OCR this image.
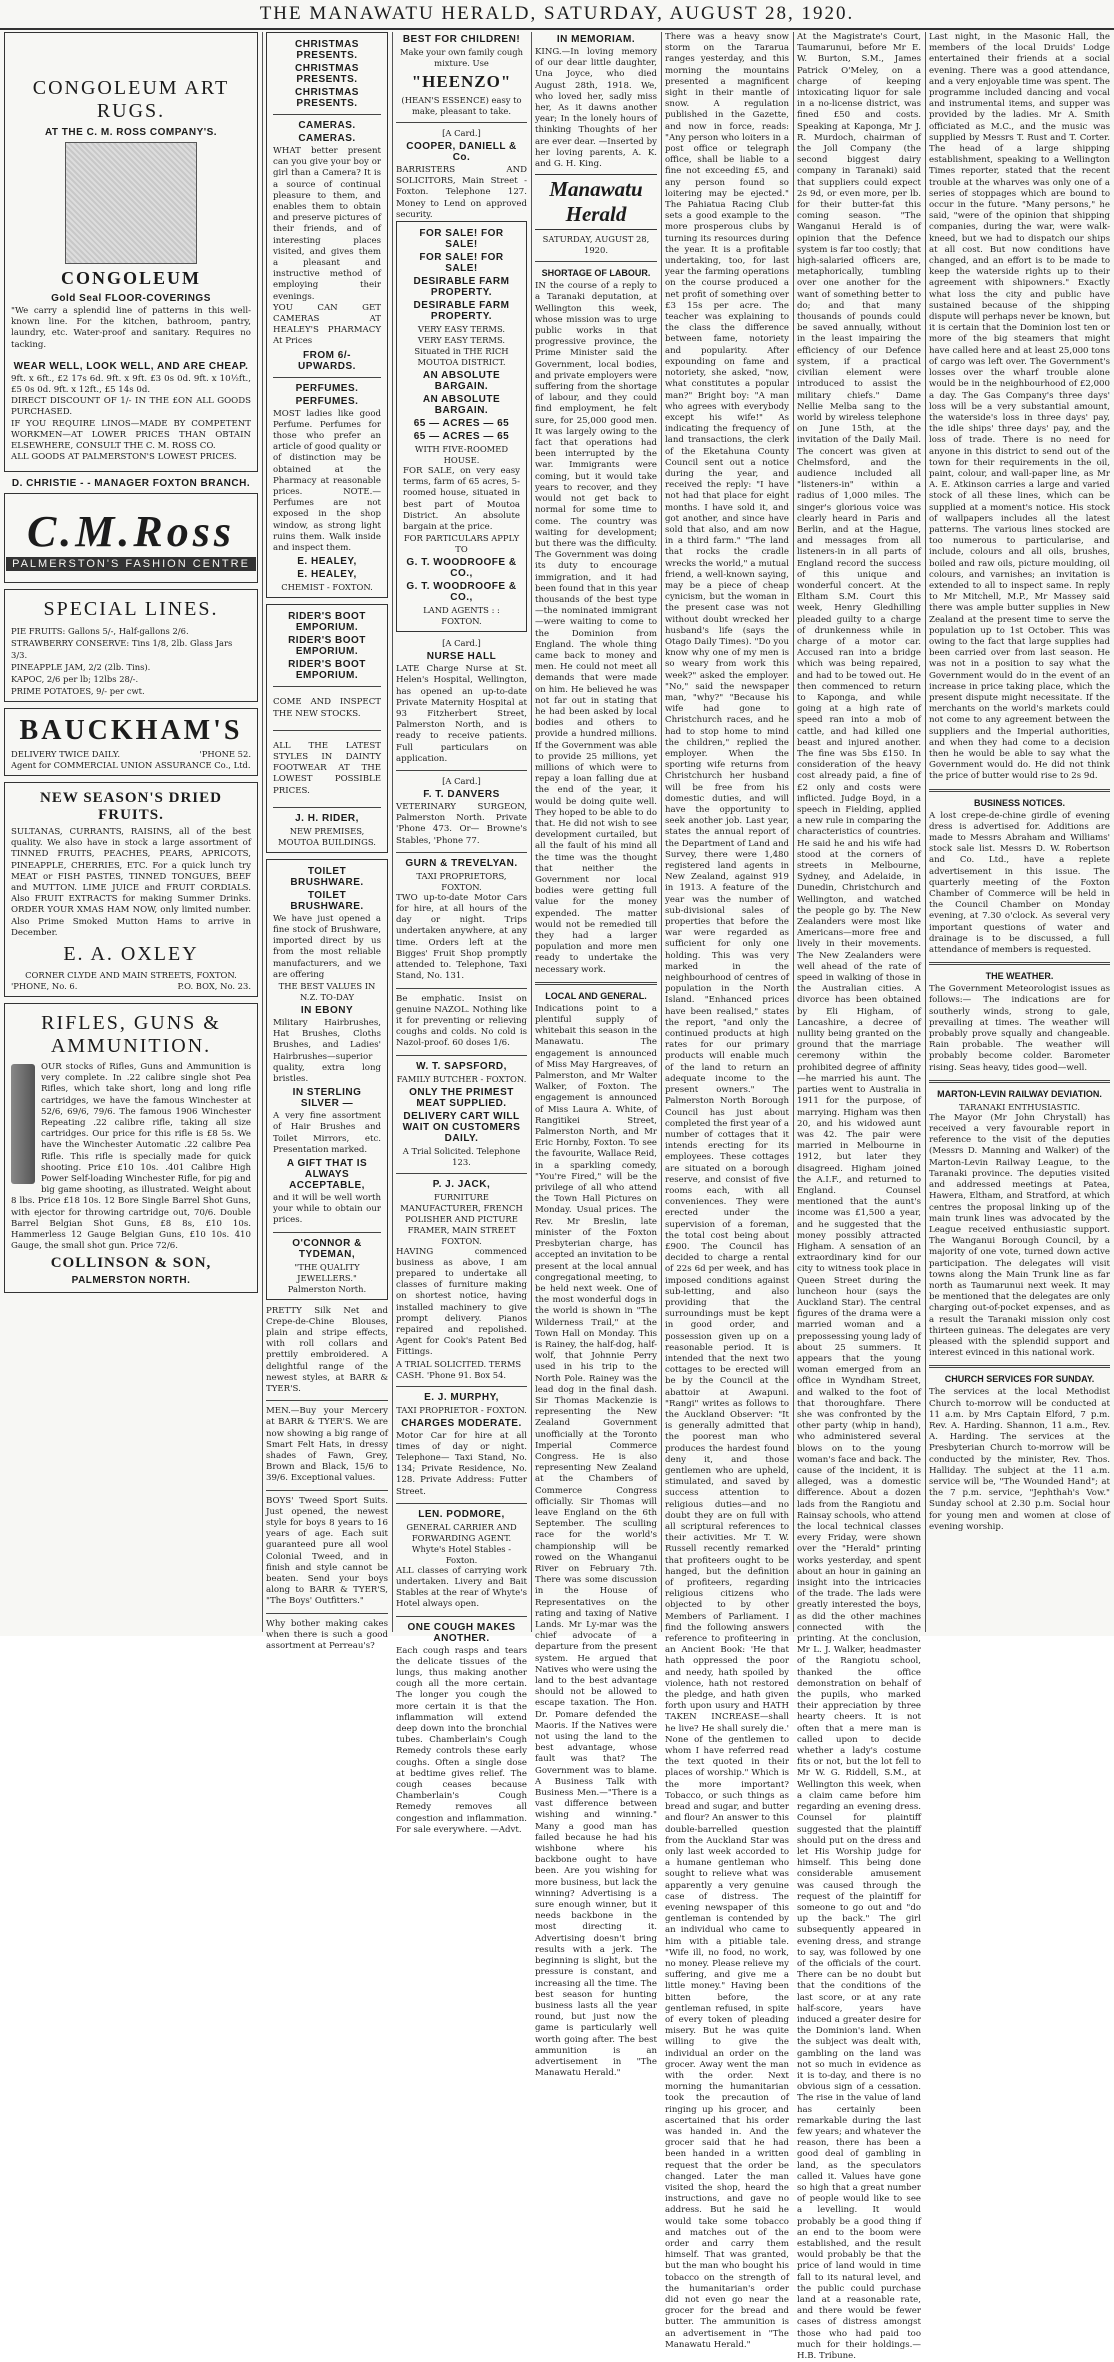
THE MANAWATU HERALD, SATURDAY, AUGUST 28, 1920.
CONGOLEUM ART RUGS.
AT THE C. M. ROSS COMPANY'S.
CONGOLEUM
Gold Seal FLOOR-COVERINGS

"We carry a splendid line of patterns in this well-known line. For the kitchen, bathroom, pantry, laundry, etc. Water-proof and sanitary. Requires no tacking.

WEAR WELL, LOOK WELL, AND ARE CHEAP.

9ft. x 6ft., £2 17s 6d. 9ft. x 9ft. £3 0s 0d. 9ft. x 10½ft., £5 0s 0d. 9ft. x 12ft., £5 14s 0d.

DIRECT DISCOUNT OF 1/- IN THE £ON ALL GOODS PURCHASED.

IF YOU REQUIRE LINOS—MADE BY COMPETENT WORKMEN—AT LOWER PRICES THAN OBTAIN ELSEWHERE, CONSULT THE C. M. ROSS CO.

ALL GOODS AT PALMERSTON'S LOWEST PRICES.

D. CHRISTIE - - MANAGER FOXTON BRANCH.
C.M.Ross
PALMERSTON'S FASHION CENTRE
SPECIAL LINES.
PIE FRUITS: Gallons 5/-, Half-gallons 2/6.
STRAWBERRY CONSERVE: Tins 1/8, 2lb. Glass Jars 3/3.
PINEAPPLE JAM, 2/2 (2lb. Tins).
KAPOC, 2/6 per lb; 12lbs 28/-.
PRIME POTATOES, 9/- per cwt.
BAUCKHAM'S
DELIVERY TWICE DAILY.	'PHONE 52.
Agent for COMMERCIAL UNION ASSURANCE Co., Ltd.
NEW SEASON'S DRIED FRUITS.

SULTANAS, CURRANTS, RAISINS, all of the best quality. We also have in stock a large assortment of TINNED FRUITS, PEACHES, PEARS, APRICOTS, PINEAPPLE, CHERRIES, ETC. For a quick lunch try MEAT or FISH PASTES, TINNED TONGUES, BEEF and MUTTON. LIME JUICE and FRUIT CORDIALS. Also FRUIT EXTRACTS for making Summer Drinks. ORDER YOUR XMAS HAM NOW, only limited number. Also Prime Smoked Mutton Hams to arrive in December.

E. A. OXLEY
CORNER CLYDE AND MAIN STREETS, FOXTON.
'PHONE, No. 6.	P.O. BOX, No. 23.
RIFLES, GUNS & AMMUNITION.

OUR stocks of Rifles, Guns and Ammunition is very complete. In .22 calibre single shot Pea Rifles, which take short, long and long rifle cartridges, we have the famous Winchester at 52/6, 69/6, 79/6. The famous 1906 Winchester Repeating .22 calibre rifle, taking all size cartridges. Our price for this rifle is £8 5s. We have the Winchester Automatic .22 calibre Pea Rifle. This rifle is specially made for quick shooting. Price £10 10s. .401 Calibre High Power Self-loading Winchester Rifle, for pig and big game shooting, as illustrated. Weight about 8 lbs. Price £18 10s. 12 Bore Single Barrel Shot Guns, with ejector for throwing cartridge out, 70/6. Double Barrel Belgian Shot Guns, £8 8s, £10 10s. Hammerless 12 Gauge Belgian Guns, £10 10s. 410 Gauge, the small shot gun. Price 72/6.

COLLINSON & SON,
PALMERSTON NORTH.
CHRISTMAS PRESENTS.
CHRISTMAS PRESENTS.
CHRISTMAS PRESENTS.
CAMERAS.
CAMERAS.

WHAT better present can you give your boy or girl than a Camera? It is a source of continual pleasure to them, and enables them to obtain and preserve pictures of their friends, and of interesting places visited, and gives them a pleasant and instructive method of employing their evenings.

YOU CAN GET CAMERAS AT HEALEY'S PHARMACY At Prices

FROM 6/- UPWARDS.
PERFUMES.
PERFUMES.

MOST ladies like good Perfume. Perfumes for those who prefer an article of good quality or of distinction may be obtained at the Pharmacy at reasonable prices. NOTE.—Perfumes are not exposed in the shop window, as strong light ruins them. Walk inside and inspect them.

E. HEALEY,
E. HEALEY,
CHEMIST - FOXTON.
RIDER'S BOOT EMPORIUM.
RIDER'S BOOT EMPORIUM.
RIDER'S BOOT EMPORIUM.

COME AND INSPECT THE NEW STOCKS.

ALL THE LATEST STYLES IN DAINTY FOOTWEAR AT THE LOWEST POSSIBLE PRICES.

J. H. RIDER,
NEW PREMISES, MOUTOA BUILDINGS.
TOILET BRUSHWARE.
TOILET BRUSHWARE.

We have just opened a fine stock of Brushware, imported direct by us from the most reliable manufacturers, and we are offering

THE BEST VALUES IN N.Z. TO-DAY
IN EBONY

Military Hairbrushes, Hat Brushes, Cloths Brushes, and Ladies' Hairbrushes—superior quality, extra long bristles.

IN STERLING SILVER —

A very fine assortment of Hair Brushes and Toilet Mirrors, etc. Presentation marked.

A GIFT THAT IS ALWAYS ACCEPTABLE,

and it will be well worth your while to obtain our prices.

O'CONNOR & TYDEMAN,
"THE QUALITY JEWELLERS."
Palmerston North.

PRETTY Silk Net and Crepe-de-Chine Blouses, plain and stripe effects, with roll collars and prettily embroidered. A delightful range of the newest styles, at BARR & TYER'S.

MEN.—Buy your Mercery at BARR & TYER'S. We are now showing a big range of Smart Felt Hats, in dressy shades of Fawn, Grey, Brown and Black, 15/6 to 39/6. Exceptional values.

BOYS' Tweed Sport Suits. Just opened, the newest style for boys 8 years to 16 years of age. Each suit guaranteed pure all wool Colonial Tweed, and in finish and style cannot be beaten. Send your boys along to BARR & TYER'S, "The Boys' Outfitters."

Why bother making cakes when there is such a good assortment at Perreau's?

BEST FOR CHILDREN!
Make your own family cough mixture. Use
"HEENZO"
(HEAN'S ESSENCE) easy to make, pleasant to take.
[A Card.]
COOPER, DANIELL & Co.

BARRISTERS AND SOLICITORS, Main Street - Foxton. Telephone 127. Money to Lend on approved security.

FOR SALE! FOR SALE!
FOR SALE! FOR SALE!
DESIRABLE FARM PROPERTY.
DESIRABLE FARM PROPERTY.
VERY EASY TERMS.
VERY EASY TERMS.
Situated in THE RICH MOUTOA DISTRICT.
AN ABSOLUTE BARGAIN.
AN ABSOLUTE BARGAIN.
65 — ACRES — 65
65 — ACRES — 65
WITH FIVE-ROOMED HOUSE.

FOR SALE, on very easy terms, farm of 65 acres, 5-roomed house, situated in best part of Moutoa District. An absolute bargain at the price.

FOR PARTICULARS APPLY TO
G. T. WOODROOFE & CO.,
G. T. WOODROOFE & CO.,
LAND AGENTS : : FOXTON.
[A Card.]
NURSE HALL

LATE Charge Nurse at St. Helen's Hospital, Wellington, has opened an up-to-date Private Maternity Hospital at 93 Fitzherbert Street, Palmerston North, and is ready to receive patients. Full particulars on application.

[A Card.]
F. T. DANVERS

VETERINARY SURGEON, Palmerston North. Private 'Phone 473. Or— Browne's Stables, 'Phone 77.

GURN & TREVELYAN.
TAXI PROPRIETORS, FOXTON.

TWO up-to-date Motor Cars for hire, at all hours of the day or night. Trips undertaken anywhere, at any time. Orders left at the Bigges' Fruit Shop promptly attended to. Telephone, Taxi Stand, No. 131.

Be emphatic. Insist on genuine NAZOL. Nothing like it for preventing or relieving coughs and colds. No cold is Nazol-proof. 60 doses 1/6.

W. T. SAPSFORD,
FAMILY BUTCHER - FOXTON.
ONLY THE PRIMEST MEAT SUPPLIED.
DELIVERY CART WILL WAIT ON CUSTOMERS DAILY.
A Trial Solicited. Telephone 123.
P. J. JACK,
FURNITURE MANUFACTURER, FRENCH POLISHER AND PICTURE FRAMER, MAIN STREET FOXTON.

HAVING commenced business as above, I am prepared to undertake all classes of furniture making on shortest notice, having installed machinery to give prompt delivery. Pianos repaired and repolished. Agent for Cook's Patent Bed Fittings.

A TRIAL SOLICITED. TERMS CASH. 'Phone 91. Box 54.
E. J. MURPHY,
TAXI PROPRIETOR - FOXTON.
CHARGES MODERATE.

Motor Car for hire at all times of day or night. Telephone— Taxi Stand, No. 134; Private Residence, No. 128. Private Address: Futter Street.

LEN. PODMORE,
GENERAL CARRIER AND FORWARDING AGENT.
Whyte's Hotel Stables - Foxton.

ALL classes of carrying work undertaken. Livery and Bait Stables at the rear of Whyte's Hotel always open.

ONE COUGH MAKES ANOTHER.

Each cough rasps and tears the delicate tissues of the lungs, thus making another cough all the more certain. The longer you cough the more certain it is that the inflammation will extend deep down into the bronchial tubes. Chamberlain's Cough Remedy controls these early coughs. Often a single dose at bedtime gives relief. The cough ceases because Chamberlain's Cough Remedy removes all congestion and inflammation. For sale everywhere. —Advt.

IN MEMORIAM.

KING.—In loving memory of our dear little daughter, Una Joyce, who died August 28th, 1918. We, who loved her, sadly miss her, As it dawns another year; In the lonely hours of thinking Thoughts of her are ever dear. —Inserted by her loving parents, A. K. and G. H. King.

Manawatu Herald
SATURDAY, AUGUST 28, 1920.
SHORTAGE OF LABOUR.

IN the course of a reply to a Taranaki deputation, at Wellington this week, whose mission was to urge public works in that progressive province, the Prime Minister said the Government, local bodies, and private employers were suffering from the shortage of labour, and they could find employment, he felt sure, for 25,000 good men. It was largely owing to the fact that operations had been interrupted by the war. Immigrants were coming, but it would take years to recover, and they would not get back to normal for some time to come. The country was waiting for development; but there was the difficulty. The Government was doing its duty to encourage immigration, and it had been found that in this year thousands of the best type—the nominated immigrant—were waiting to come to the Dominion from England. The whole thing came back to money and men. He could not meet all demands that were made on him. He believed he was not far out in stating that he had been asked by local bodies and others to provide a hundred millions. If the Government was able to provide 25 millions, yet millions of which were to repay a loan falling due at the end of the year, it would be doing quite well. They hoped to be able to do that. He did not wish to see development curtailed, but all the fault of his mind all the time was the thought that neither the Government nor local bodies were getting full value for the money expended. The matter would not be remedied till they had a larger population and more men ready to undertake the necessary work.

LOCAL AND GENERAL.

Indications point to a plentiful supply of whitebait this season in the Manawatu. The engagement is announced of Miss May Hargreaves, of Palmerston, and Mr Walter Walker, of Foxton. The engagement is announced of Miss Laura A. White, of Rangitikei Street, Palmerston North, and Mr Eric Hornby, Foxton. To see the favourite, Wallace Reid, in a sparkling comedy, "You're Fired," will be the privilege of all who attend the Town Hall Pictures on Monday. Usual prices. The Rev. Mr Breslin, late minister of the Foxton Presbyterian charge, has accepted an invitation to be present at the local annual congregational meeting, to be held next week. One of the most wonderful dogs in the world is shown in "The Wilderness Trail," at the Town Hall on Monday. This is Rainey, the half-dog, half-wolf, that Johnnie Perry used in his trip to the North Pole. Rainey was the lead dog in the final dash. Sir Thomas Mackenzie is representing the New Zealand Government unofficially at the Toronto Imperial Commerce Congress. He is also representing New Zealand at the Chambers of Commerce Congress officially. Sir Thomas will leave England on the 6th September. The sculling race for the world's championship will be rowed on the Whanganui River on February 7th. There was some discussion in the House of Representatives on the rating and taxing of Native Lands. Mr Ly-mar was the chief advocate of a departure from the present system. He argued that Natives who were using the land to the best advantage should not be allowed to escape taxation. The Hon. Dr. Pomare defended the Maoris. If the Natives were not using the land to the best advantage, whose fault was that? The Government was to blame. A Business Talk with Business Men.—"There is a vast difference between wishing and winning." Many a good man has failed because he had his wishbone where his backbone ought to have been. Are you wishing for more business, but lack the winning? Advertising is a sure enough winner, but it needs backbone in the most directing it. Advertising doesn't bring results with a jerk. The beginning is slight, but the pressure is constant, and increasing all the time. The best season for hunting business lasts all the year round, but just now the game is particularly well worth going after. The best ammunition is an advertisement in "The Manawatu Herald."

There was a heavy snow storm on the Tararua ranges yesterday, and this morning the mountains presented a magnificent sight in their mantle of snow. A regulation published in the Gazette, and now in force, reads: "Any person who loiters in a post office or telegraph office, shall be liable to a fine not exceeding £5, and any person found so loitering may be ejected." The Pahiatua Racing Club sets a good example to the more prosperous clubs by turning its resources during the year. It is a profitable undertaking, too, for last year the farming operations on the course produced a net profit of something over £3 15s per acre. The teacher was explaining to the class the difference between fame, notoriety and popularity. After expounding on fame and notoriety, she asked, "now, what constitutes a popular man?" Bright boy: "A man who agrees with everybody except his wife!" As indicating the frequency of land transactions, the clerk of the Eketahuna County Council sent out a notice during the year, and received the reply: "I have not had that place for eight months. I have sold it, and got another, and since have sold that also, and am now in a third farm." "The land that rocks the cradle wrecks the world," a mutual friend, a well-known saying, may be a piece of cheap cynicism, but the woman in the present case was not without doubt wrecked her husband's life (says the Otago Daily Times). "Do you know why one of my men is so weary from work this week?" asked the employer. "No," said the newspaper man, "why?" "Because his wife had gone to Christchurch races, and he had to stop home to mind the children," replied the employer. When the sporting wife returns from Christchurch her husband will be free from his domestic duties, and will have the opportunity to seek another job. Last year, states the annual report of the Department of Land and Survey, there were 1,480 registered land agents in New Zealand, against 919 in 1913. A feature of the year was the number of sub-divisional sales of properties that before the war were regarded as sufficient for only one holding. This was very marked in the neighbourhood of centres of population in the North Island. "Enhanced prices have been realised," states the report, "and only the continued products at high rates for our primary products will enable much of the land to return an adequate income to the present owners." The Palmerston North Borough Council has just about completed the first year of a number of cottages that it intends erecting for its employees. These cottages are situated on a borough reserve, and consist of five rooms each, with all conveniences. They were erected under the supervision of a foreman, the total cost being about £900. The Council has decided to charge a rental of 22s 6d per week, and has imposed conditions against sub-letting, and also providing that the surroundings must be kept in good order, and possession given up on a reasonable period. It is intended that the next two cottages to be erected will be by the Council at the abattoir at Awapuni. "Rangi" writes as follows to the Auckland Observer: "It is generally admitted that the poorest man who produces the hardest found deny it, and those gentlemen who are upheld, stimulated, and saved by success attention to religious duties—and no doubt they are on full with all scriptural references to their activities. Mr T. W. Russell recently remarked that profiteers ought to be hanged, but the definition of profiteers, regarding religious citizens who objected to by other Members of Parliament. I find the following answers reference to profiteering in an Ancient Book: 'He that hath oppressed the poor and needy, hath spoiled by violence, hath not restored the pledge, and hath given forth upon usury and HATH TAKEN INCREASE—shall he live? He shall surely die.' None of the gentlemen to whom I have referred read the text quoted in their places of worship." Which is the more important? Tobacco, or such things as bread and sugar, and butter and flour? An answer to this double-barrelled question from the Auckland Star was only last week accorded to a humane gentleman who sought to relieve what was apparently a very genuine case of distress. The evening newspaper of this gentleman is contended by an individual who came to him with a pitiable tale. "Wife ill, no food, no work, no money. Please relieve my suffering, and give me a little money." Having been bitten before, the gentleman refused, in spite of every token of pleading misery. But he was quite willing to give the individual an order on the grocer. Away went the man with the order. Next morning the humanitarian took the precaution of ringing up his grocer, and ascertained that his order was handed in. And the grocer said that he had been handed in a written request that the order be changed. Later the man visited the shop, heard the instructions, and gave no address. But he said he would take some tobacco and matches out of the order and carry them himself. That was granted, but the man who bought his tobacco on the strength of the humanitarian's order did not even go near the grocer for the bread and butter. The ammunition is an advertisement in "The Manawatu Herald."

At the Magistrate's Court, Taumarunui, before Mr E. W. Burton, S.M., James Patrick O'Meley, on a charge of keeping intoxicating liquor for sale in a no-license district, was fined £50 and costs. Speaking at Kaponga, Mr J. R. Murdoch, chairman of the Joll Company (the second biggest dairy company in Taranaki) said that suppliers could expect 2s 9d, or even more, per lb. for their butter-fat this coming season. "The Wanganui Herald is of opinion that the Defence system is far too costly; that high-salaried officers are, metaphorically, tumbling over one another for the want of something better to do; and that many thousands of pounds could be saved annually, without in the least impairing the efficiency of our Defence system, if a practical civilian element were introduced to assist the military chiefs." Dame Nellie Melba sang to the world by wireless telephone on June 15th, at the invitation of the Daily Mail. The concert was given at Chelmsford, and the audience included all "listeners-in" within a radius of 1,000 miles. The singer's glorious voice was clearly heard in Paris and Berlin, and at the Hague, and messages from all listeners-in in all parts of England record the success of this unique and wonderful concert. At the Eltham S.M. Court this week, Henry Gledhilling pleaded guilty to a charge of drunkenness while in charge of a motor car. Accused ran into a bridge which was being repaired, and had to be towed out. He then commenced to return to Kaponga, and while going at a high rate of speed ran into a mob of cattle, and had killed one beast and injured another. The fine was 5bs £150. In consideration of the heavy cost already paid, a fine of £2 only and costs were inflicted. Judge Boyd, in a speech in Fielding, applied a new rule in comparing the characteristics of countries. He said he and his wife had stood at the corners of streets in Melbourne, Sydney, and Adelaide, in Dunedin, Christchurch and Wellington, and watched the people go by. The New Zealanders were most like Americans—more free and lively in their movements. The New Zealanders were well ahead of the rate of speed in walking of those in the Australian cities. A divorce has been obtained by Eli Higham, of Lancashire, a decree of nullity being granted on the ground that the marriage ceremony within the prohibited degree of affinity—he married his aunt. The parties went to Australia in 1911 for the purpose, of marrying. Higham was then 20, and his widowed aunt was 42. The pair were married in Melbourne in 1912, but later they disagreed. Higham joined the A.I.F., and returned to England. Counsel mentioned that the aunt's income was £1,500 a year, and he suggested that the money possibly attracted Higham. A sensation of an extraordinary kind for our city to witness took place in Queen Street during the luncheon hour (says the Auckland Star). The central figures of the drama were a married woman and a prepossessing young lady of about 25 summers. It appears that the young woman emerged from an office in Wyndham Street, and walked to the foot of that thoroughfare. There she was confronted by the other party (whip in hand), who administered several blows on to the young woman's face and back. The cause of the incident, it is alleged, was a domestic difference. About a dozen lads from the Rangiotu and Rainsay schools, who attend the local technical classes every Friday, were shown over the "Herald" printing works yesterday, and spent about an hour in gaining an insight into the intricacies of the trade. The lads were greatly interested the boys, as did the other machines connected with the printing. At the conclusion, Mr L. J. Walker, headmaster of the Rangiotu school, thanked the office demonstration on behalf of the pupils, who marked their appreciation by three hearty cheers. It is not often that a mere man is called upon to decide whether a lady's costume fits or not, but the lot fell to Mr W. G. Riddell, S.M., at Wellington this week, when a claim came before him regarding an evening dress. Counsel for plaintiff suggested that the plaintiff should put on the dress and let His Worship judge for himself. This being done considerable amusement was caused through the request of the plaintiff for someone to go out and "do up the back." The girl subsequently appeared in evening dress, and strange to say, was followed by one of the officials of the court. There can be no doubt but that the conditions of the last score, or at any rate half-score, years have induced a greater desire for the Dominion's land. When the subject was dealt with, gambling on the land was not so much in evidence as it is to-day, and there is no obvious sign of a cessation. The rise in the value of land has certainly been remarkable during the last few years; and whatever the reason, there has been a good deal of gambling in land, as the speculators called it. Values have gone so high that a great number of people would like to see a levelling. It would probably be a good thing if an end to the boom were established, and the result would probably be that the price of land would in time fall to its natural level, and the public could purchase land at a reasonable rate, and there would be fewer cases of distress amongst those who had paid too much for their holdings.—H.B. Tribune.

Last night, in the Masonic Hall, the members of the local Druids' Lodge entertained their friends at a social evening. There was a good attendance, and a very enjoyable time was spent. The programme included dancing and vocal and instrumental items, and supper was provided by the ladies. Mr A. Smith officiated as M.C., and the music was supplied by Messrs T. Rust and T. Corter. The head of a large shipping establishment, speaking to a Wellington Times reporter, stated that the recent trouble at the wharves was only one of a series of stoppages which are bound to occur in the future. "Many persons," he said, "were of the opinion that shipping companies, during the war, were walk-kneed, but we had to dispatch our ships at all cost. But now conditions have changed, and an effort is to be made to keep the waterside rights up to their agreement with shipowners." Exactly what loss the city and public have sustained because of the shipping dispute will perhaps never be known, but it is certain that the Dominion lost ten or more of the big steamers that might have called here and at least 25,000 tons of cargo was left over. The Government's losses over the wharf trouble alone would be in the neighbourhood of £2,000 a day. The Gas Company's three days' loss will be a very substantial amount, the waterside's loss in three days' pay, the idle ships' three days' pay, and the loss of trade. There is no need for anyone in this district to send out of the town for their requirements in the oil, paint, colour, and wall-paper line, as Mr A. E. Atkinson carries a large and varied stock of all these lines, which can be supplied at a moment's notice. His stock of wallpapers includes all the latest patterns. The various lines stocked are too numerous to particularise, and include, colours and all oils, brushes, boiled and raw oils, picture moulding, oil colours, and varnishes; an invitation is extended to all to inspect same. In reply to Mr Mitchell, M.P., Mr Massey said there was ample butter supplies in New Zealand at the present time to serve the population up to 1st October. This was owing to the fact that large supplies had been carried over from last season. He was not in a position to say what the Government would do in the event of an increase in price taking place, which the present dispute might necessitate. If the merchants on the world's markets could not come to any agreement between the suppliers and the Imperial authorities, and when they had come to a decision then he would be able to say what the Government would do. He did not think the price of butter would rise to 2s 9d.

BUSINESS NOTICES.

A lost crepe-de-chine girdle of evening dress is advertised for. Additions are made to Messrs Abraham and Williams' stock sale list. Messrs D. W. Robertson and Co. Ltd., have a replete advertisement in this issue. The quarterly meeting of the Foxton Chamber of Commerce will be held in the Council Chamber on Monday evening, at 7.30 o'clock. As several very important questions of water and drainage is to be discussed, a full attendance of members is requested.

THE WEATHER.

The Government Meteorologist issues as follows:— The indications are for southerly winds, strong to gale, prevailing at times. The weather will probably prove squally and changeable. Rain probable. The weather will probably become colder. Barometer rising. Seas heavy, tides good—well.

MARTON-LEVIN RAILWAY DEVIATION.
TARANAKI ENTHUSIASTIC.

The Mayor (Mr John Chrystall) has received a very favourable report in reference to the visit of the deputies (Messrs D. Manning and Walker) of the Marton-Levin Railway League, to the Taranaki province. The deputies visited and addressed meetings at Patea, Hawera, Eltham, and Stratford, at which centres the proposal linking up of the main trunk lines was advocated by the League received enthusiastic support. The Wanganui Borough Council, by a majority of one vote, turned down active participation. The delegates will visit towns along the Main Trunk line as far north as Taumarunui next week. It may be mentioned that the delegates are only charging out-of-pocket expenses, and as a result the Taranaki mission only cost thirteen guineas. The delegates are very pleased with the splendid support and interest evinced in this national work.

CHURCH SERVICES FOR SUNDAY.

The services at the local Methodist Church to-morrow will be conducted at 11 a.m. by Mrs Captain Elford, 7 p.m. Rev. A. Harding. Shannon, 11 a.m., Rev. A. Harding. The services at the Presbyterian Church to-morrow will be conducted by the minister, Rev. Thos. Halliday. The subject at the 11 a.m. service will be, "The Wounded Hand"; at the 7 p.m. service, "Jephthah's Vow." Sunday school at 2.30 p.m. Social hour for young men and women at close of evening worship.
